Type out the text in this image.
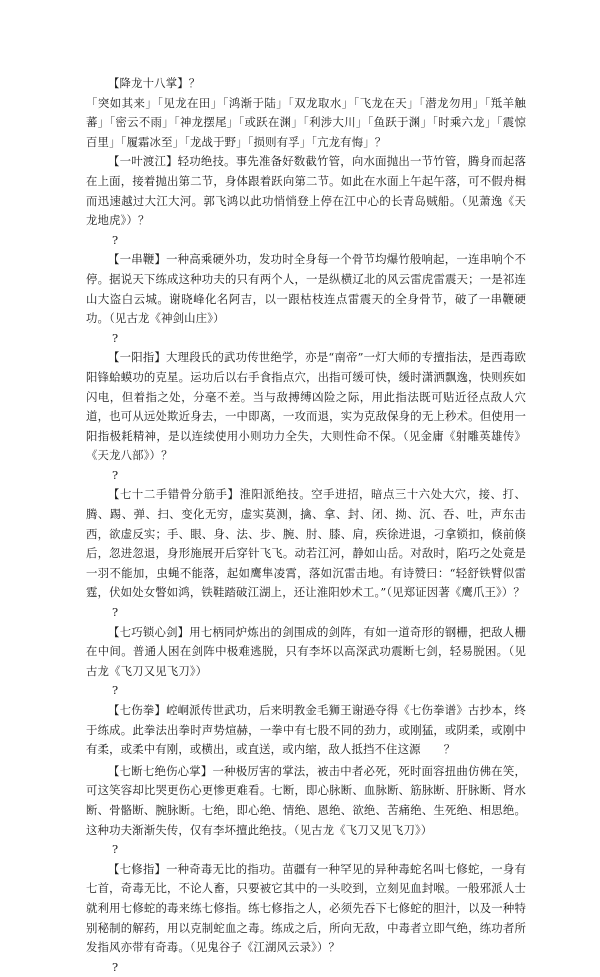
【降龙十八掌】？

「突如其来」「见龙在田」「鸿渐于陆」「双龙取水」「飞龙在天」「潜龙勿用」「羝羊触蕃」「密云不雨」「神龙摆尾」「或跃在渊」「利涉大川」「鱼跃于渊」「时乘六龙」「震惊百里」「履霜冰至」「龙战于野」「损则有孚」「亢龙有悔」？

【一叶渡江】轻功绝技。事先准备好数截竹管，向水面抛出一节竹管，腾身而起落在上面，接着抛出第二节，身体跟着跃向第二节。如此在水面上午起午落，可不假舟楫而迅速越过大江大河。郭飞鸿以此功悄悄登上停在江中心的长青岛贼船。（见萧逸《天龙地虎》）？

?

【一串鞭】一种高乘硬外功，发功时全身每一个骨节均爆竹般响起，一连串响个不停。据说天下练成这种功夫的只有两个人，一是纵横辽北的风云雷虎雷震天；一是祁连山大盗白云城。谢晓峰化名阿吉，以一跟枯枝连点雷震天的全身骨节，破了一串鞭硬功。（见古龙《神剑山庄》）

?

【一阳指】大理段氏的武功传世绝学，亦是“南帝”一灯大师的专擅指法，是西毒欧阳锋蛤蟆功的克星。运功后以右手食指点穴，出指可缓可快，缓时潇洒飘逸，快则疾如闪电，但着指之处，分毫不差。当与敌搏缚凶险之际，用此指法既可贴近径点敌人穴道，也可从远处欺近身去，一中即离，一攻而退，实为克敌保身的无上秒术。但使用一阳指极耗精神，是以连续使用小则功力全失，大则性命不保。（见金庸《射雕英雄传》《天龙八部》）？

?

【七十二手错骨分筋手】淮阳派绝技。空手进招，暗点三十六处大穴，接、打、腾、踢、弹、扫、变化无穷，虚实莫测，擒、拿、封、闭、拗、沉、吞、吐，声东击西，欲虚反实；手、眼、身、法、步、腕、肘、膝、肩，疾徐进退，刁拿锁扣，倏前倏后，忽进忽退，身形施展开后穿针飞飞。动若江河，静如山岳。对敌时，陷巧之处竟是一羽不能加，虫蝇不能落，起如鹰隼凌霄，落如沉雷击地。有诗赞曰：“轻舒铁臂似雷霆，伏如处女瞥如鸿，铁鞋踏破江湖上，还让淮阳妙术工。”（见郑证因著《鹰爪王》）？

?

【七巧锁心剑】用七柄同炉炼出的剑围成的剑阵，有如一道奇形的钢栅，把敌人栅在中间。普通人困在剑阵中极难逃脱，只有李坏以高深武功震断七剑，轻易脱困。（见古龙《飞刀又见飞刀》）

?

【七伤拳】崆峒派传世武功，后来明教金毛狮王谢逊夺得《七伤拳谱》古抄本，终于练成。此拳法出拳时声势煊赫，一拳中有七股不同的劲力，或刚猛，或阴柔，或刚中有柔，或柔中有刚，或横出，或直送，或内缩，敌人抵挡不住这源　　？

【七断七绝伤心掌】一种极厉害的掌法，被击中者必死，死时面容扭曲仿佛在笑，可这笑容却比哭更伤心更惨更难看。七断，即心脉断、血脉断、筋脉断、肝脉断、肾水断、骨骼断、腕脉断。七绝，即心绝、情绝、恩绝、欲绝、苦痛绝、生死绝、相思绝。这种功夫渐渐失传，仅有李坏擅此绝技。（见古龙《飞刀又见飞刀》）

?

【七修指】一种奇毒无比的指功。苗疆有一种罕见的异种毒蛇名叫七修蛇，一身有七首，奇毒无比，不论人畜，只要被它其中的一头咬到，立刻见血封喉。一般邪派人士就利用七修蛇的毒来练七修指。练七修指之人，必须先吞下七修蛇的胆汁，以及一种特别秘制的解药，用以克制蛇血之毒。练成之后，所向无敌，中毒者立即气绝，练功者所发指风亦带有奇毒。（见鬼谷子《江湖风云录》）？

?
